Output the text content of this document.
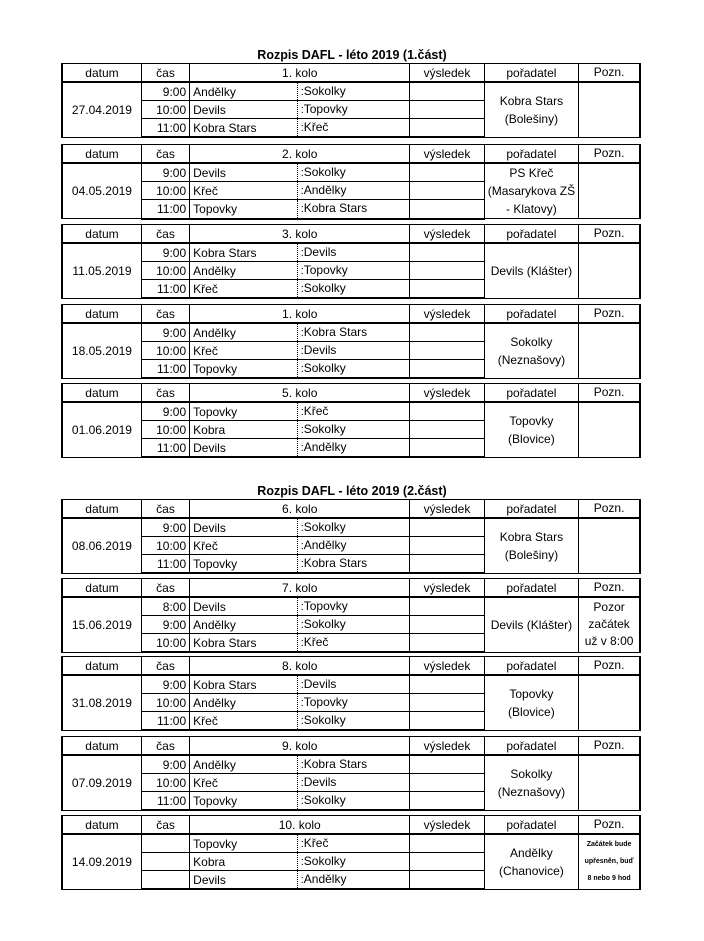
Rozpis DAFL - léto 2019 (1.část)
Rozpis DAFL - léto 2019 (2.část)
datum	čas	1. kolo		výsledek	pořadatel	Pozn.
27.04.2019	9:00	Andělky	:Sokolky		Kobra Stars (Bolešiny)	
	10:00	Devils	:Topovky			
	11:00	Kobra Stars	:Křeč			
datum	čas	2. kolo		výsledek	pořadatel	Pozn.
04.05.2019	9:00	Devils	:Sokolky		PS Křeč (Masarykova ZŠ - Klatovy)	
	10:00	Křeč	:Andělky			
	11:00	Topovky	:Kobra Stars			
datum	čas	3. kolo		výsledek	pořadatel	Pozn.
11.05.2019	9:00	Kobra Stars	:Devils		Devils (Klášter)	
	10:00	Andělky	:Topovky			
	11:00	Křeč	:Sokolky			
datum	čas	1. kolo		výsledek	pořadatel	Pozn.
18.05.2019	9:00	Andělky	:Kobra Stars		Sokolky (Neznašovy)	
	10:00	Křeč	:Devils			
	11:00	Topovky	:Sokolky			
datum	čas	5. kolo		výsledek	pořadatel	Pozn.
01.06.2019	9:00	Topovky	:Křeč		Topovky (Blovice)	
	10:00	Kobra	:Sokolky			
	11:00	Devils	:Andělky			
datum	čas	6. kolo		výsledek	pořadatel	Pozn.
08.06.2019	9:00	Devils	:Sokolky		Kobra Stars (Bolešiny)	
	10:00	Křeč	:Andělky			
	11:00	Topovky	:Kobra Stars			
datum	čas	7. kolo		výsledek	pořadatel	Pozn.
15.06.2019	8:00	Devils	:Topovky		Devils (Klášter)	Pozor začátek už v 8:00
	9:00	Andělky	:Sokolky			
	10:00	Kobra Stars	:Křeč			
datum	čas	8. kolo		výsledek	pořadatel	Pozn.
31.08.2019	9:00	Kobra Stars	:Devils		Topovky (Blovice)	
	10:00	Andělky	:Topovky			
	11:00	Křeč	:Sokolky			
datum	čas	9. kolo		výsledek	pořadatel	Pozn.
07.09.2019	9:00	Andělky	:Kobra Stars		Sokolky (Neznašovy)	
	10:00	Křeč	:Devils			
	11:00	Topovky	:Sokolky			
datum	čas	10. kolo		výsledek	pořadatel	Pozn.
14.09.2019		Topovky	:Křeč		Andělky (Chanovice)	Začátek bude upřesněn, buď 8 nebo 9 hod
		Kobra	:Sokolky			
		Devils	:Andělky			
